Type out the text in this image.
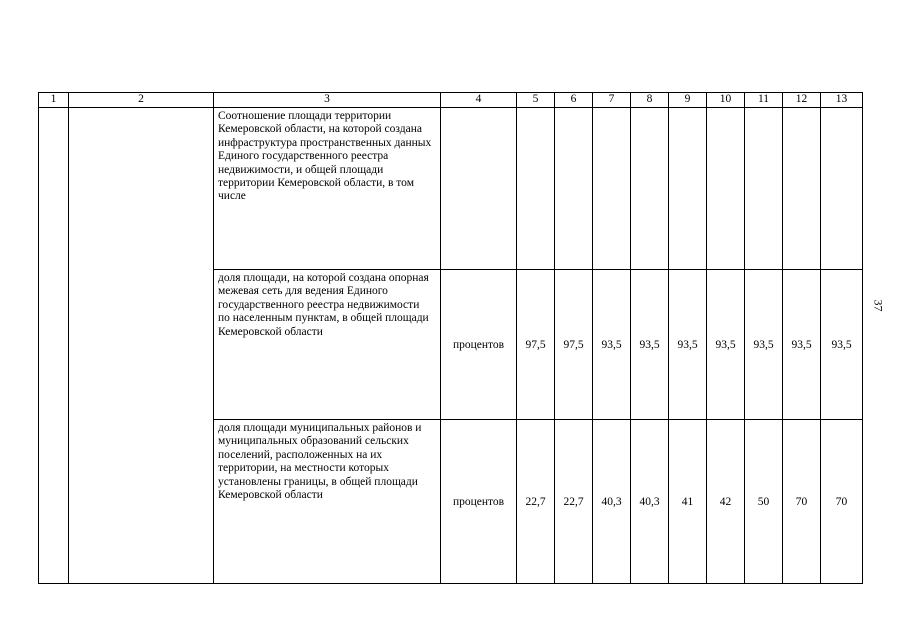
1	2	3	4	5	6	7	8	9	10	11	12	13
		Соотношение площади территории Кемеровской области, на которой создана инфраструктура пространственных данных Единого государственного реестра недвижимости, и общей площади территории Кемеровской области, в том числе										
		доля площади, на которой создана опорная межевая сеть для ведения Единого государственного реестра недвижимости по населенным пунктам, в общей площади Кемеровской области	процентов	97,5	97,5	93,5	93,5	93,5	93,5	93,5	93,5	93,5
		доля площади муниципальных районов и муниципальных образований сельских поселений, расположенных на их территории, на местности которых установлены границы, в общей площади Кемеровской области	процентов	22,7	22,7	40,3	40,3	41	42	50	70	70
37
